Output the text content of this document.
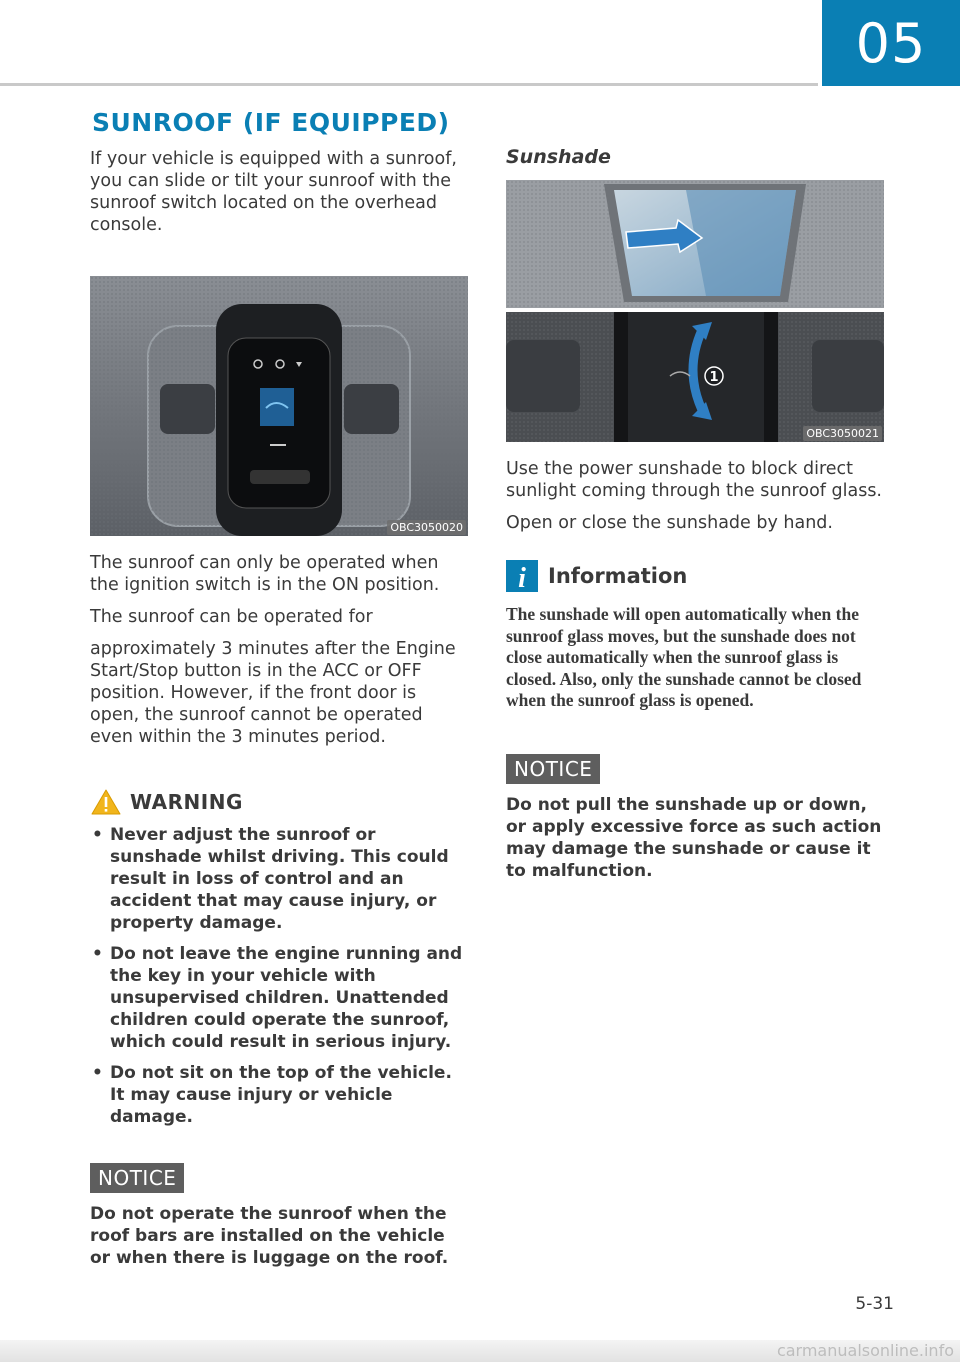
05
SUNROOF (IF EQUIPPED)

If your vehicle is equipped with a sunroof, you can slide or tilt your sunroof with the sunroof switch located on the overhead console.

OBC3050020

The sunroof can only be operated when the ignition switch is in the ON position.

The sunroof can be operated for

approximately 3 minutes after the Engine Start/Stop button is in the ACC or OFF position. However, if the front door is open, the sunroof cannot be operated even within the 3 minutes period.

WARNING
• Never adjust the sunroof or sunshade whilst driving. This could result in loss of control and an accident that may cause injury, or property damage.
• Do not leave the engine running and the key in your vehicle with unsupervised children. Unattended children could operate the sunroof, which could result in serious injury.
• Do not sit on the top of the vehicle. It may cause injury or vehicle damage.
NOTICE
Do not operate the sunroof when the roof bars are installed on the vehicle or when there is luggage on the roof.
Sunshade
1
OBC3050021

Use the power sunshade to block direct sunlight coming through the sunroof glass.

Open or close the sunshade by hand.

i Information
The sunshade will open automatically when the sunroof glass moves, but the sunshade does not close automatically when the sunroof glass is closed. Also, only the sunshade cannot be closed when the sunroof glass is opened.
NOTICE
Do not pull the sunshade up or down, or apply excessive force as such action may damage the sunshade or cause it to malfunction.
5-31
carmanualsonline.info
